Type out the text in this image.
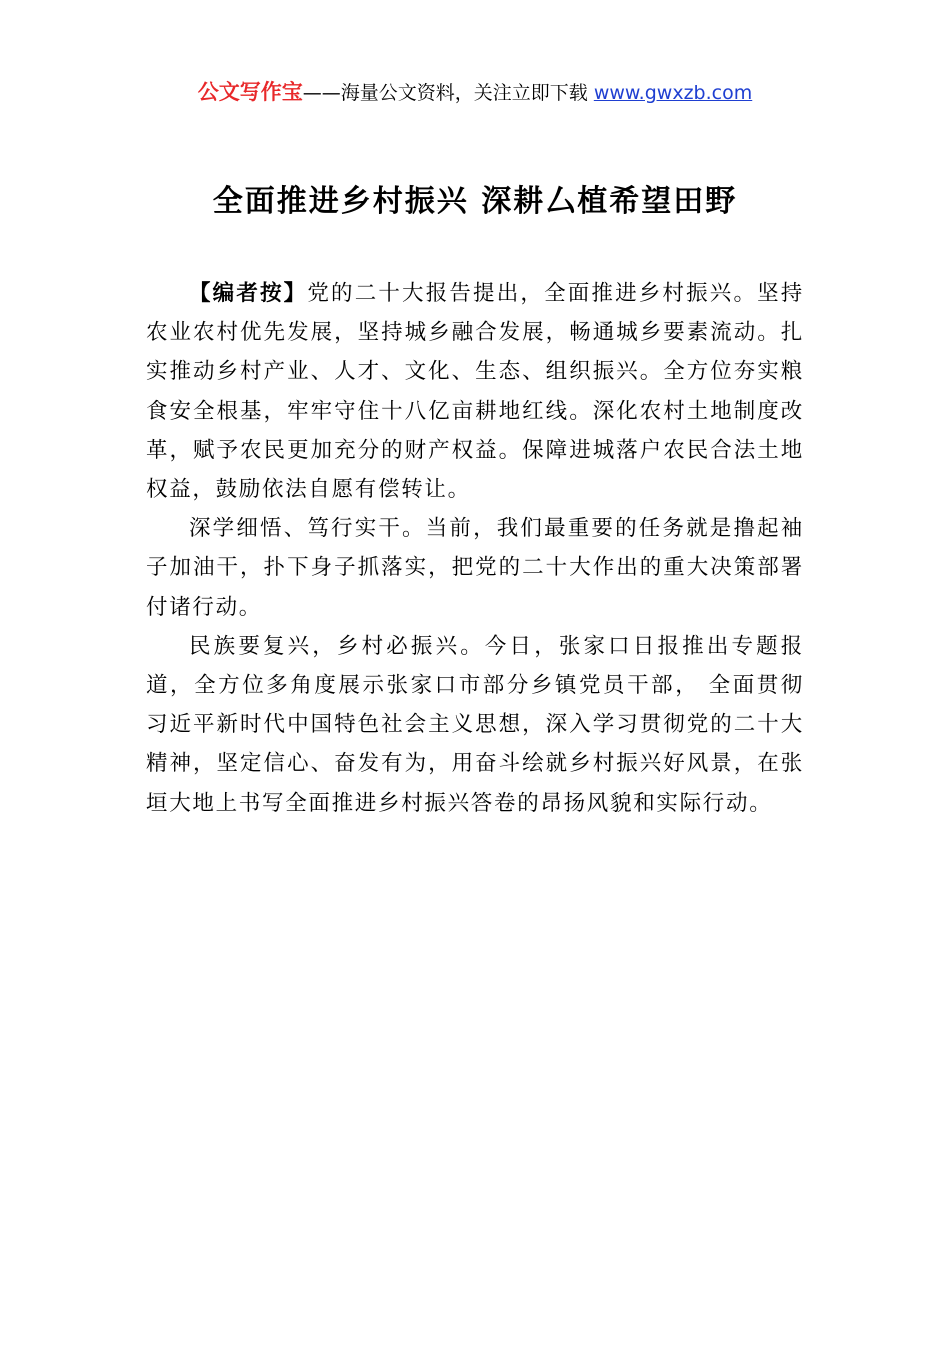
公文写作宝——海量公文资料，关注立即下载 www.gwxzb.com
全面推进乡村振兴 深耕厶植希望田野

【编者按】党的二十大报告提出，全面推进乡村振兴。坚持农业农村优先发展，坚持城乡融合发展，畅通城乡要素流动。扎实推动乡村产业、人才、文化、生态、组织振兴。全方位夯实粮食安全根基，牢牢守住十八亿亩耕地红线。深化农村土地制度改革，赋予农民更加充分的财产权益。保障进城落户农民合法土地权益，鼓励依法自愿有偿转让。

深学细悟、笃行实干。当前，我们最重要的任务就是撸起袖子加油干，扑下身子抓落实，把党的二十大作出的重大决策部署付诸行动。

民族要复兴，乡村必振兴。今日，张家口日报推出专题报道，全方位多角度展示张家口市部分乡镇党员干部， 全面贯彻习近平新时代中国特色社会主义思想，深入学习贯彻党的二十大精神，坚定信心、奋发有为，用奋斗绘就乡村振兴好风景，在张垣大地上书写全面推进乡村振兴答卷的昂扬风貌和实际行动。
